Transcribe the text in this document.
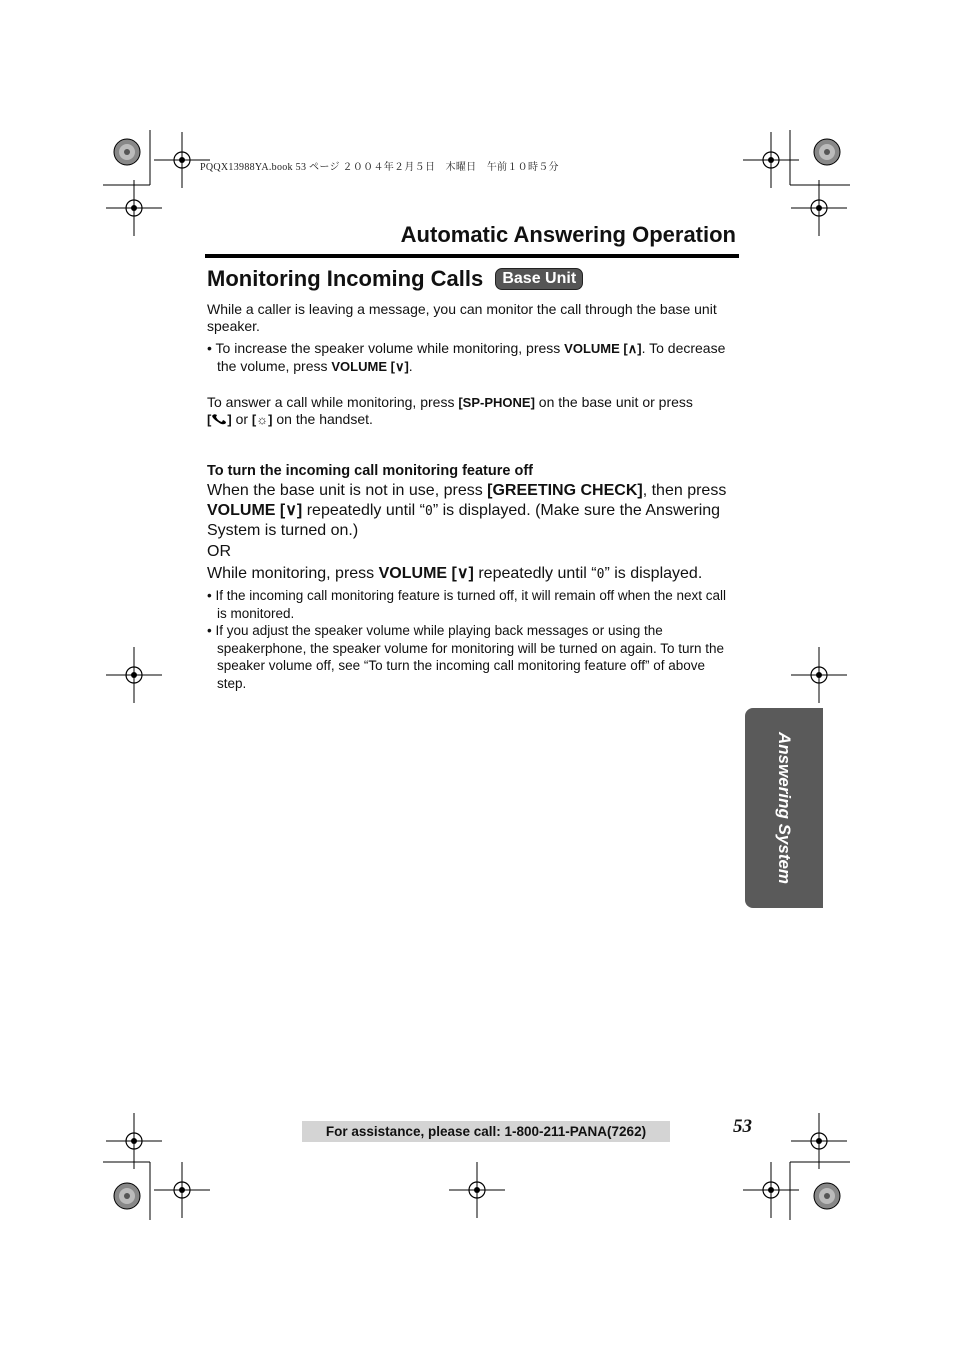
PQQX13988YA.book 53 ページ ２００４年２月５日　木曜日　午前１０時５分
Automatic Answering Operation
Monitoring Incoming Calls Base Unit
While a caller is leaving a message, you can monitor the call through the base unit speaker.
• To increase the speaker volume while monitoring, press VOLUME [∧]. To decrease the volume, press VOLUME [∨].
To answer a call while monitoring, press [SP-PHONE] on the base unit or press
[ ] or [☼] on the handset.
To turn the incoming call monitoring feature off
When the base unit is not in use, press [GREETING CHECK], then press VOLUME [∨] repeatedly until “0” is displayed. (Make sure the Answering System is turned on.)
OR
While monitoring, press VOLUME [∨] repeatedly until “0” is displayed.
• If the incoming call monitoring feature is turned off, it will remain off when the next call is monitored.
• If you adjust the speaker volume while playing back messages or using the speakerphone, the speaker volume for monitoring will be turned on again. To turn the speaker volume off, see “To turn the incoming call monitoring feature off” of above step.
Answering System
For assistance, please call: 1-800-211-PANA(7262)	53
